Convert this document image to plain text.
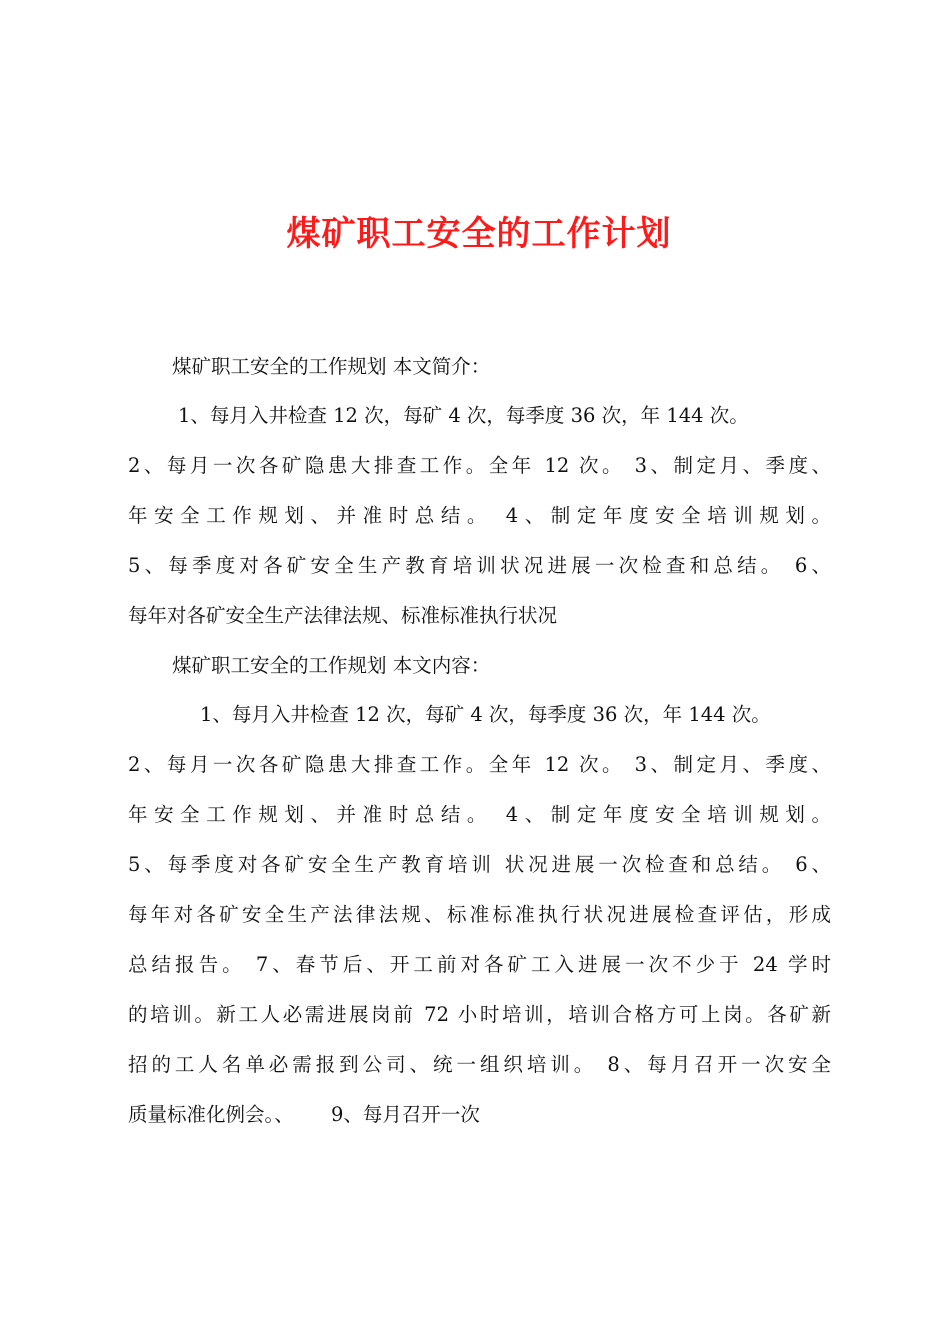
煤矿职工安全的工作计划

煤矿职工安全的工作规划 本文简介：

1、每月入井检查 12 次，每矿 4 次，每季度 36 次，年 144 次。

2、每月一次各矿隐患大排查工作。全年 12 次。 3、制定月、季度、

年安全工作规划、并准时总结。 4、制定年度安全培训规划。

5、每季度对各矿安全生产教育培训状况进展一次检查和总结。 6、

每年对各矿安全生产法律法规、标准标准执行状况

煤矿职工安全的工作规划 本文内容：

1、每月入井检查 12 次，每矿 4 次，每季度 36 次，年 144 次。

2、每月一次各矿隐患大排查工作。全年 12 次。 3、制定月、季度、

年安全工作规划、并准时总结。 4、制定年度安全培训规划。

5、每季度对各矿安全生产教育培训 状况进展一次检查和总结。 6、

每年对各矿安全生产法律法规、标准标准执行状况进展检查评估，形成

总结报告。 7、春节后、开工前对各矿工入进展一次不少于 24 学时

的培训。新工人必需进展岗前 72 小时培训，培训合格方可上岗。各矿新

招的工人名单必需报到公司、统一组织培训。 8、每月召开一次安全

质量标准化例会。、      9、每月召开一次
